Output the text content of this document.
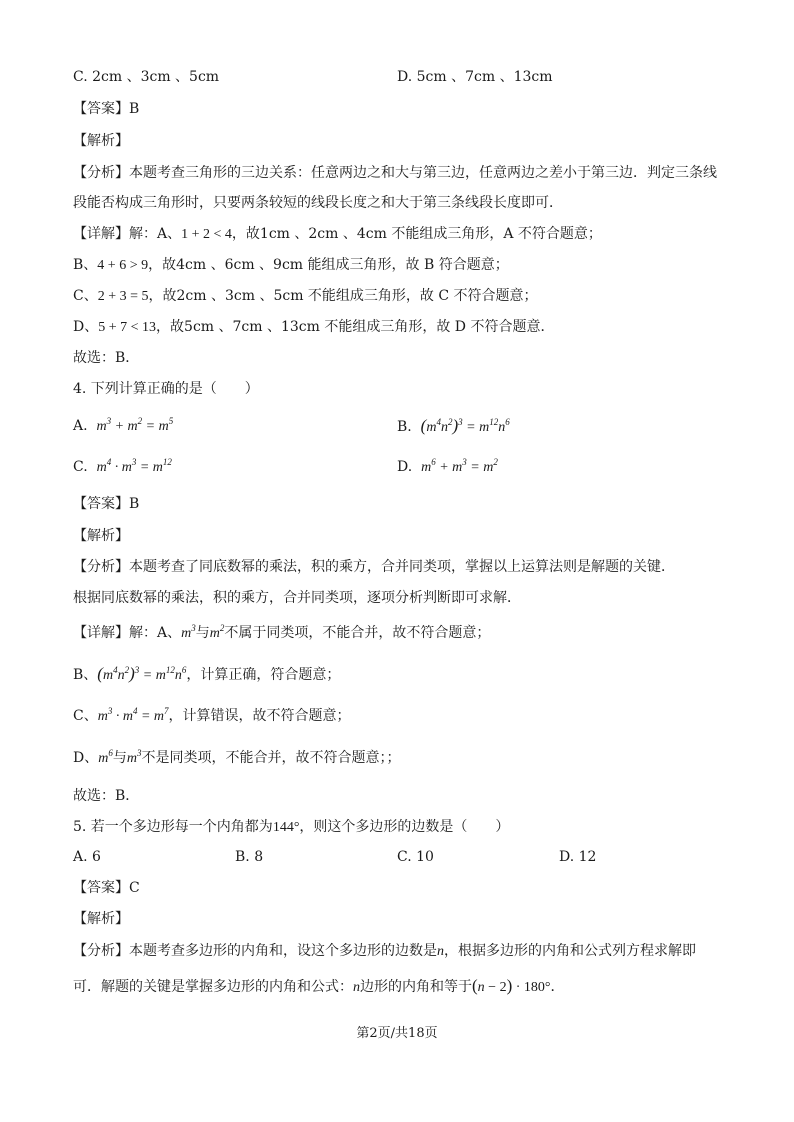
C. 2cm 、3cm 、5cm	D. 5cm 、7cm 、13cm
【答案】B
【解析】
【分析】本题考查三角形的三边关系：任意两边之和大与第三边，任意两边之差小于第三边．判定三条线
段能否构成三角形时，只要两条较短的线段长度之和大于第三条线段长度即可．
【详解】解：A、1 + 2 < 4，故1cm 、2cm 、4cm 不能组成三角形，A 不符合题意；
B、4 + 6 > 9，故4cm 、6cm 、9cm 能组成三角形，故 B 符合题意；
C、2 + 3 = 5，故2cm 、3cm 、5cm 不能组成三角形，故 C 不符合题意；
D、5 + 7 < 13，故5cm 、7cm 、13cm 不能组成三角形，故 D 不符合题意．
故选：B．
4. 下列计算正确的是（　　）
A. $m^3 + m^2 = m^5$	B. $(m^4n^2)^3 = m^{12}n^6$
C. $m^4 \cdot m^3 = m^{12}$	D. $m^6 + m^3 = m^2$
【答案】B
【解析】
【分析】本题考查了同底数幂的乘法，积的乘方，合并同类项，掌握以上运算法则是解题的关键．
根据同底数幂的乘法，积的乘方，合并同类项，逐项分析判断即可求解．
【详解】解：A、$m^3$与$m^2$不属于同类项，不能合并，故不符合题意；
B、$(m^4n^2)^3 = m^{12}n^6$，计算正确，符合题意；
C、$m^3 \cdot m^4 = m^7$，计算错误，故不符合题意；
D、$m^6$与$m^3$不是同类项，不能合并，故不符合题意；；
故选：B．
5. 若一个多边形每一个内角都为144°，则这个多边形的边数是（　　）
A. 6	B. 8	C. 10	D. 12
【答案】C
【解析】
【分析】本题考查多边形的内角和，设这个多边形的边数是n，根据多边形的内角和公式列方程求解即
可．解题的关键是掌握多边形的内角和公式：n边形的内角和等于(n − 2) · 180°．
第2页/共18页
